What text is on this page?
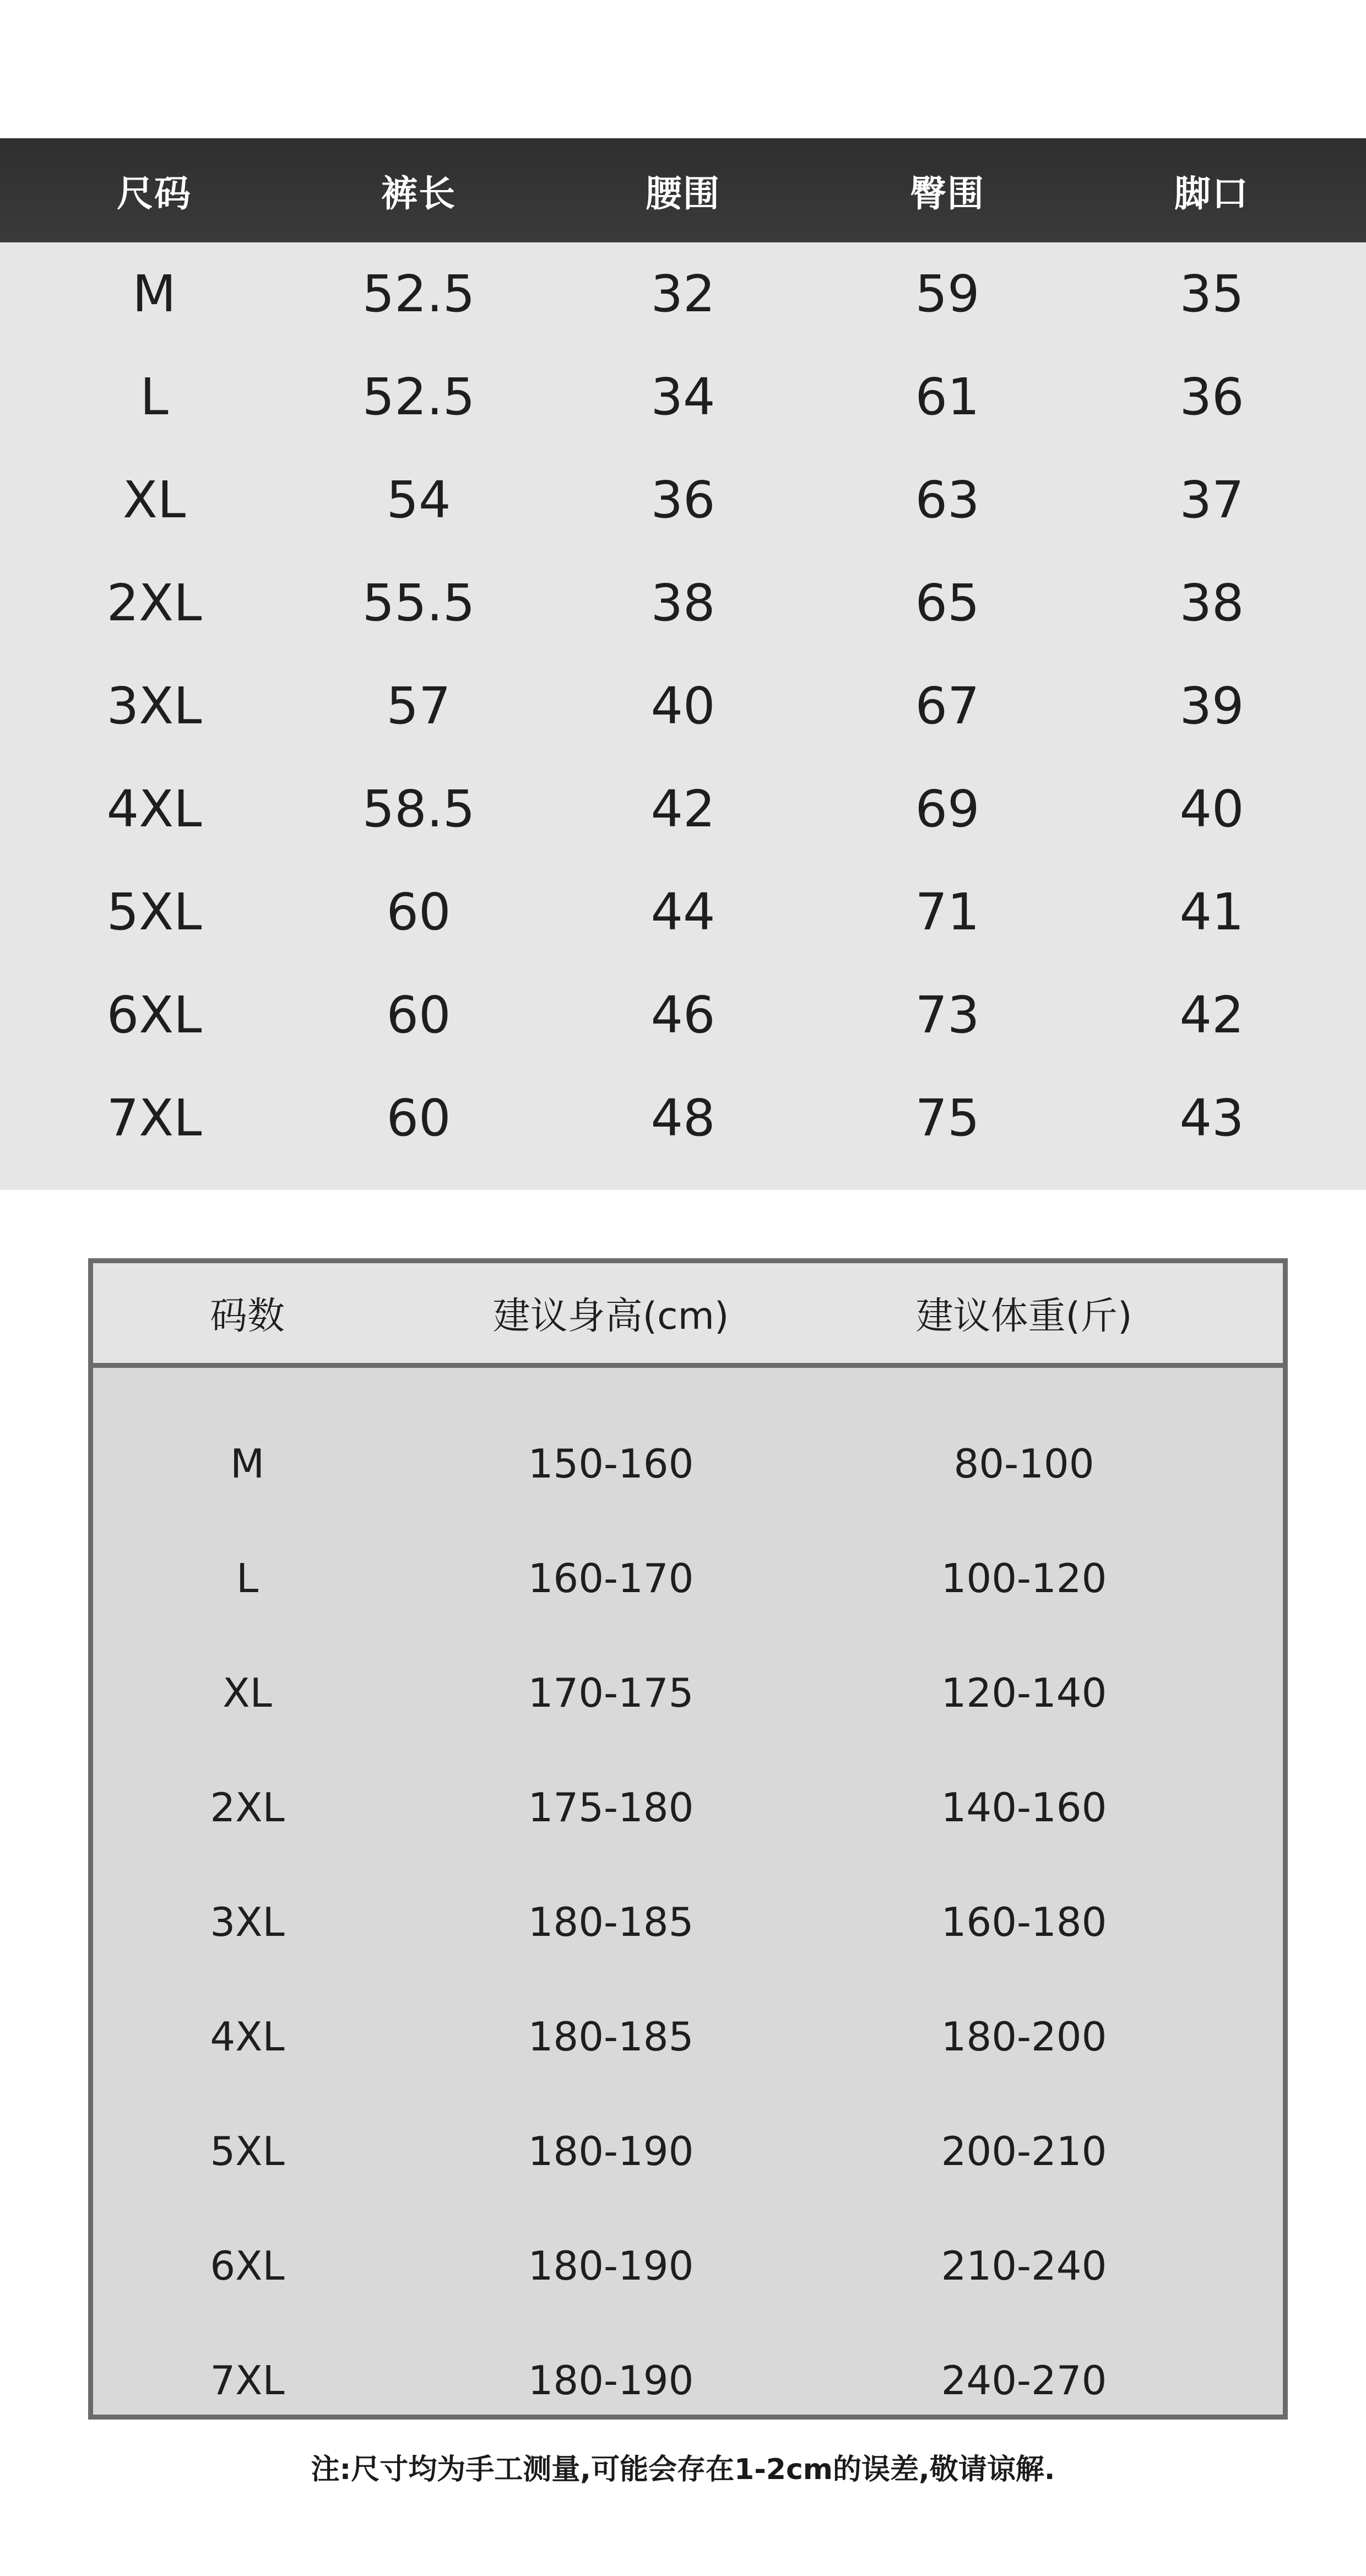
尺码	裤长	腰围	臀围	脚口
M	52.5	32	59	35
L	52.5	34	61	36
XL	54	36	63	37
2XL	55.5	38	65	38
3XL	57	40	67	39
4XL	58.5	42	69	40
5XL	60	44	71	41
6XL	60	46	73	42
7XL	60	48	75	43
码数	建议身高(cm)	建议体重(斤)
M	150-160	80-100
L	160-170	100-120
XL	170-175	120-140
2XL	175-180	140-160
3XL	180-185	160-180
4XL	180-185	180-200
5XL	180-190	200-210
6XL	180-190	210-240
7XL	180-190	240-270
注:尺寸均为手工测量,可能会存在1-2cm的误差,敬请谅解.
